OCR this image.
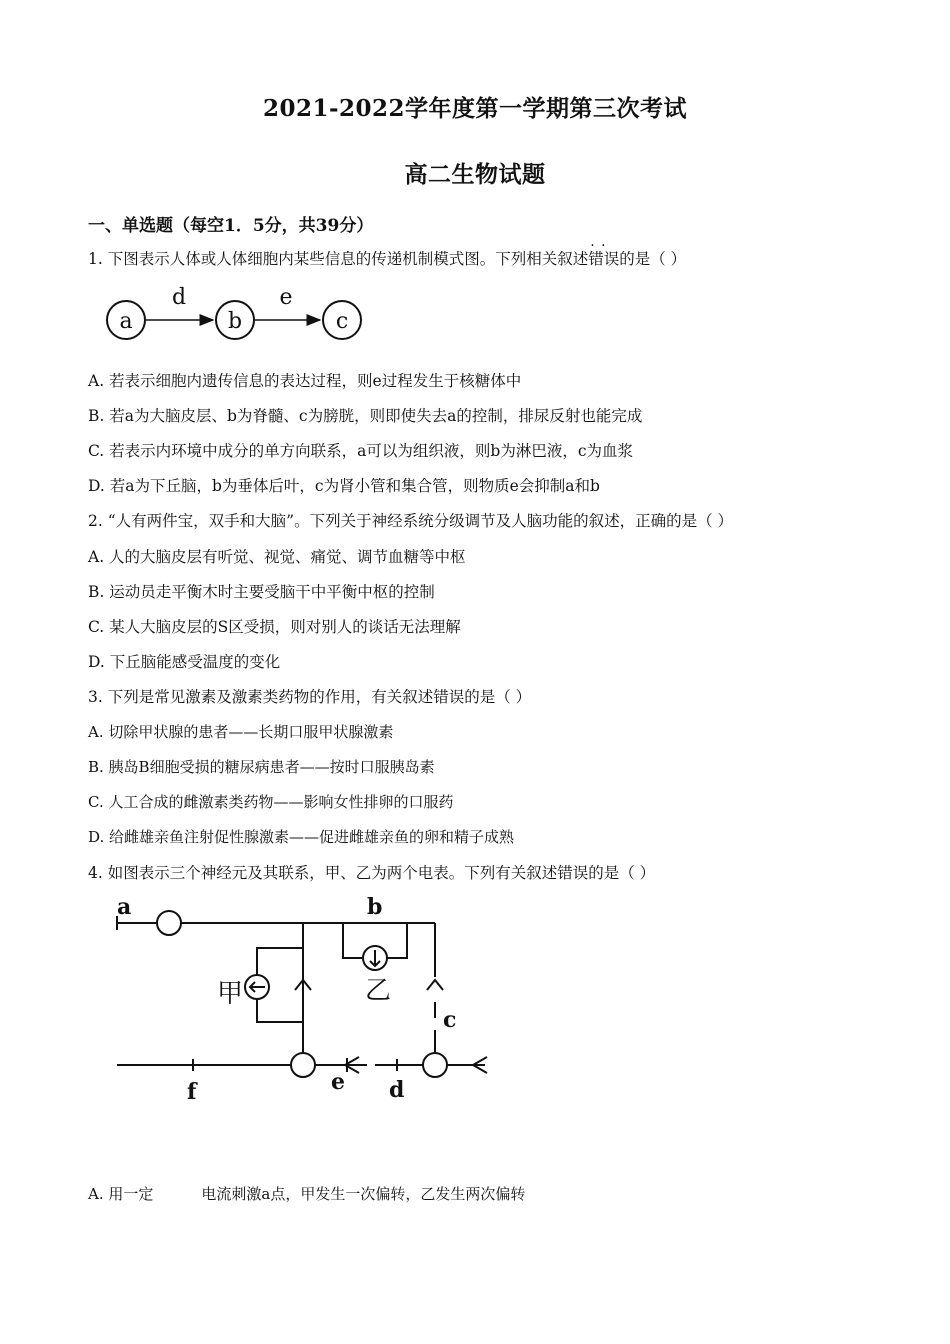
2021-2022学年度第一学期第三次考试
高二生物试题
一、单选题（每空1．5分，共39分）
1. 下图表示人体或人体细胞内某些信息的传递机制模式图。下列相关叙述· · 错误的是（ ）
a	b	c
d	e
A. 若表示细胞内遗传信息的表达过程，则e过程发生于核糖体中
B. 若a为大脑皮层、b为脊髓、c为膀胱，则即使失去a的控制，排尿反射也能完成
C. 若表示内环境中成分的单方向联系，a可以为组织液，则b为淋巴液，c为血浆
D. 若a为下丘脑，b为垂体后叶，c为肾小管和集合管，则物质e会抑制a和b
2. “人有两件宝，双手和大脑”。下列关于神经系统分级调节及人脑功能的叙述，正确的是（ ）
A. 人的大脑皮层有听觉、视觉、痛觉、调节血糖等中枢
B. 运动员走平衡木时主要受脑干中平衡中枢的控制
C. 某人大脑皮层的S区受损，则对别人的谈话无法理解
D. 下丘脑能感受温度的变化
3. 下列是常见激素及激素类药物的作用，有关叙述错误的是（ ）
A. 切除甲状腺的患者——长期口服甲状腺激素
B. 胰岛B细胞受损的糖尿病患者——按时口服胰岛素
C. 人工合成的雌激素类药物——影响女性排卵的口服药
D. 给雌雄亲鱼注射促性腺激素——促进雌雄亲鱼的卵和精子成熟
4. 如图表示三个神经元及其联系，甲、乙为两个电表。下列有关叙述错误的是（ ）
a	b
c
d
e
f
甲	乙
A. 用一定	电流刺激a点，甲发生一次偏转，乙发生两次偏转
